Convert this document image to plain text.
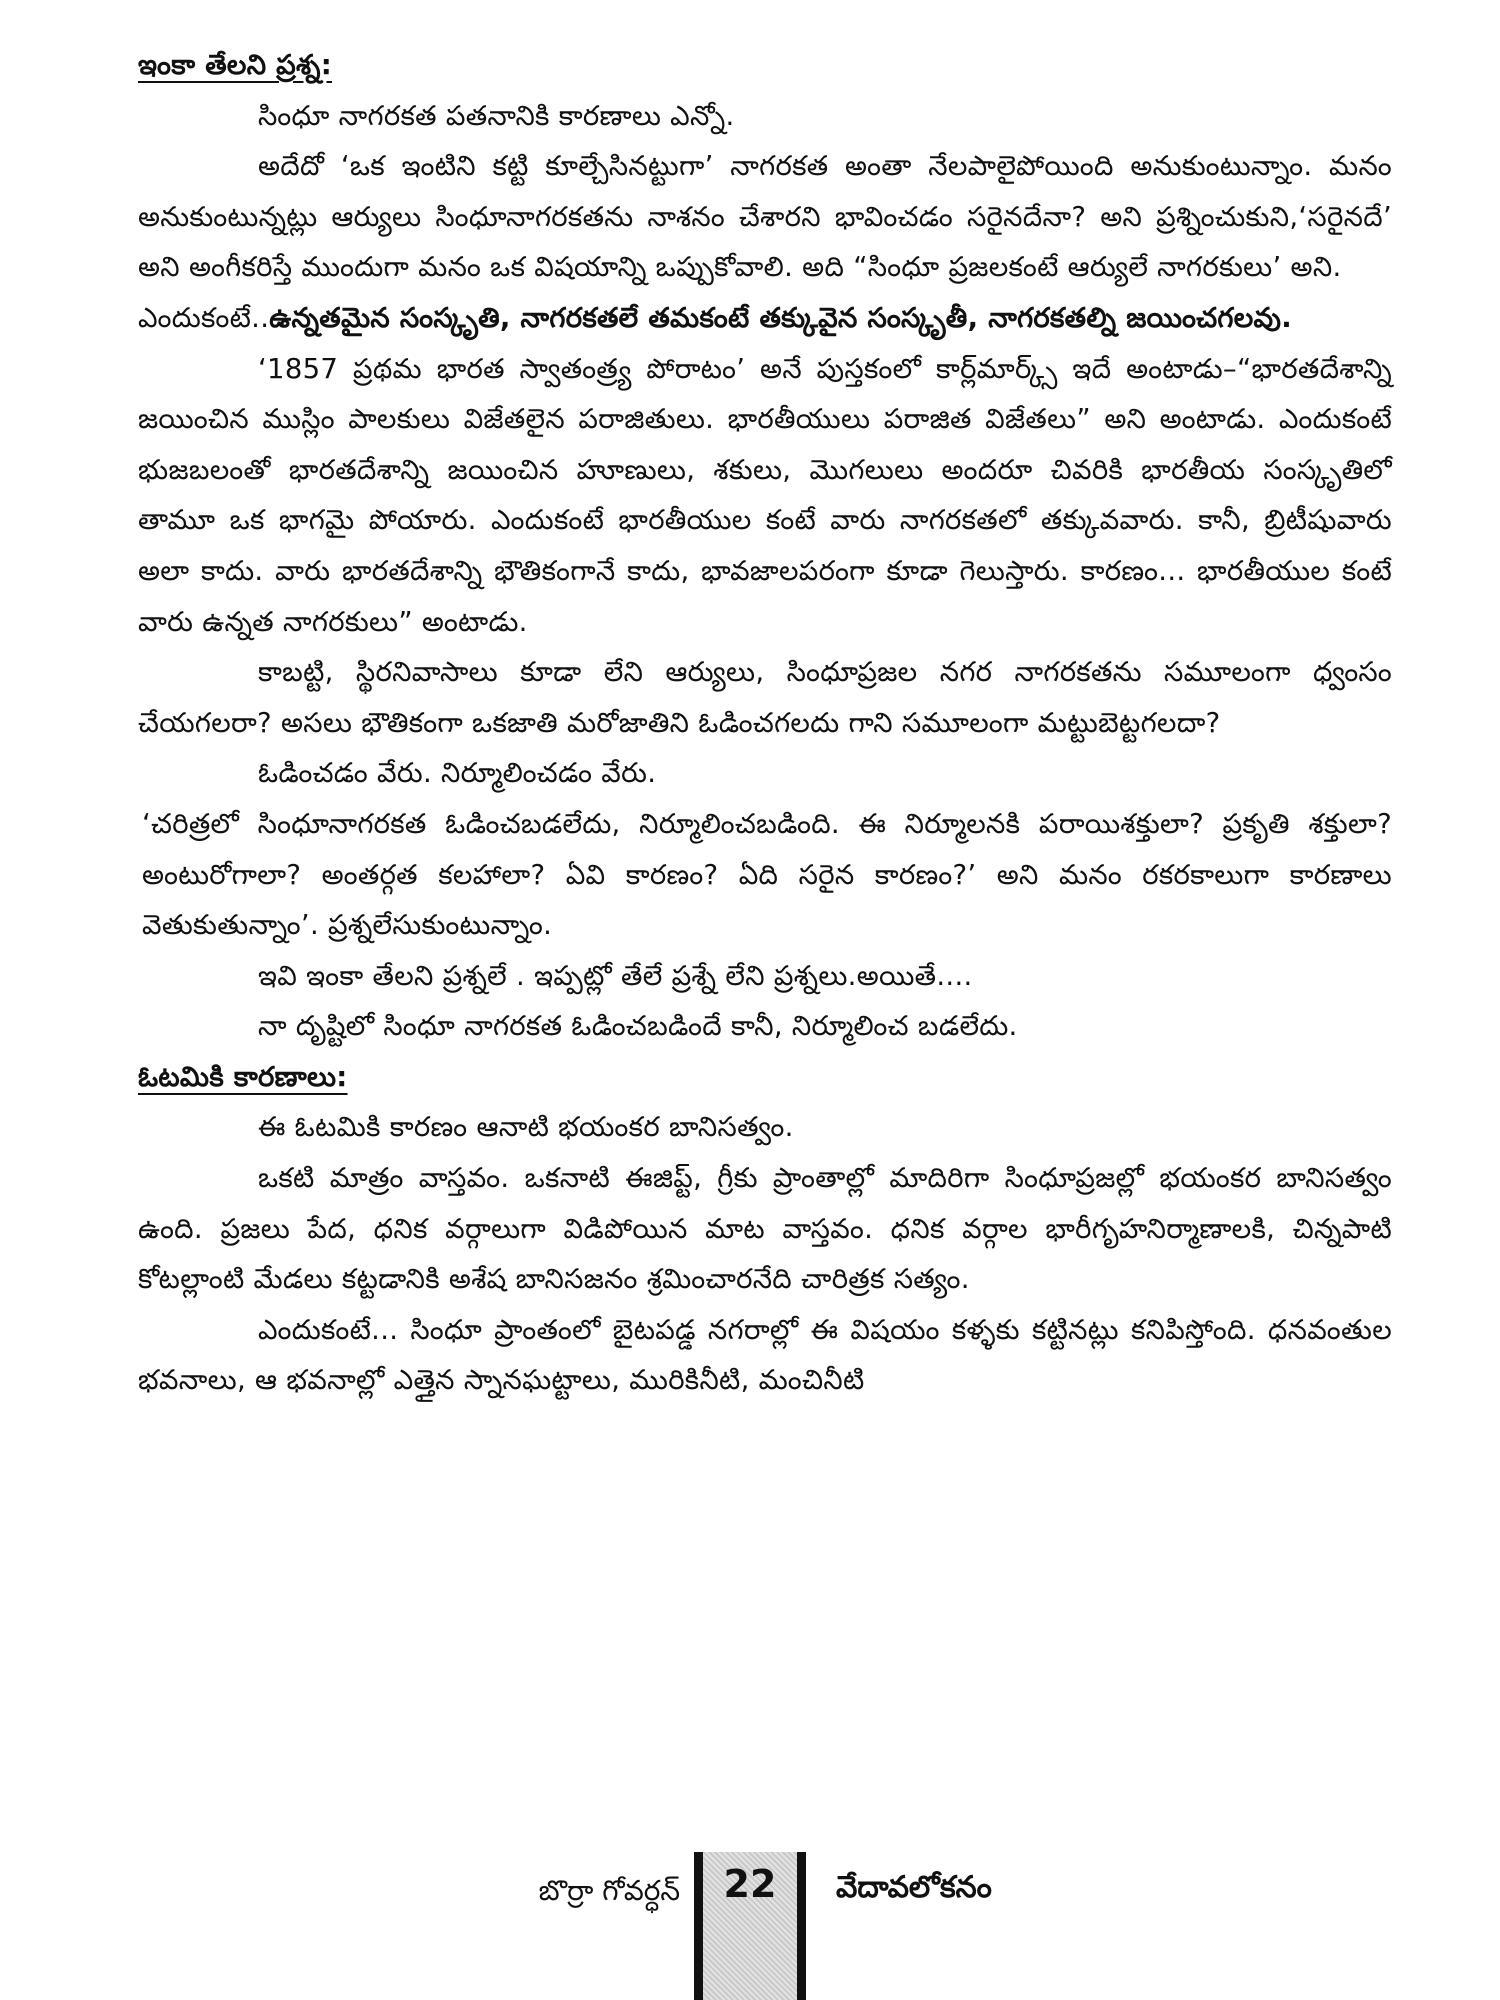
ఇంకా తేలని ప్రశ్న:

సింధూ నాగరకత పతనానికి కారణాలు ఎన్నో.

అదేదో ‘ఒక ఇంటిని కట్టి కూల్చేసినట్టుగా’ నాగరకత అంతా నేలపాలైపోయింది అనుకుంటున్నాం. మనం అనుకుంటున్నట్లు ఆర్యులు సింధూనాగరకతను నాశనం చేశారని భావించడం సరైనదేనా? అని ప్రశ్నించుకుని,‘సరైనదే’ అని అంగీకరిస్తే ముందుగా మనం ఒక విషయాన్ని ఒప్పుకోవాలి. అది “సింధూ ప్రజలకంటే ఆర్యులే నాగరకులు’ అని.

ఎందుకంటే..ఉన్నతమైన సంస్కృతి, నాగరకతలే తమకంటే తక్కువైన సంస్కృతీ, నాగరకతల్ని జయించగలవు.

‘1857 ప్రథమ భారత స్వాతంత్ర్య పోరాటం’ అనే పుస్తకంలో కార్ల్‌మార్క్స్ ఇదే అంటాడు–“భారతదేశాన్ని జయించిన ముస్లిం పాలకులు విజేతలైన పరాజితులు. భారతీయులు పరాజిత విజేతలు” అని అంటాడు. ఎందుకంటే భుజబలంతో భారతదేశాన్ని జయించిన హూణులు, శకులు, మొగలులు అందరూ చివరికి భారతీయ సంస్కృతిలో తామూ ఒక భాగమై పోయారు. ఎందుకంటే భారతీయుల కంటే వారు నాగరకతలో తక్కువవారు. కానీ, బ్రిటీషువారు అలా కాదు. వారు భారతదేశాన్ని భౌతికంగానే కాదు, భావజాలపరంగా కూడా గెలుస్తారు. కారణం... భారతీయుల కంటే వారు ఉన్నత నాగరకులు” అంటాడు.

కాబట్టి, స్థిరనివాసాలు కూడా లేని ఆర్యులు, సింధూప్రజల నగర నాగరకతను సమూలంగా ధ్వంసం చేయగలరా? అసలు భౌతికంగా ఒకజాతి మరోజాతిని ఓడించగలదు గాని సమూలంగా మట్టుబెట్టగలదా?

ఓడించడం వేరు. నిర్మూలించడం వేరు.

‘చరిత్రలో సింధూనాగరకత ఓడించబడలేదు, నిర్మూలించబడింది. ఈ నిర్మూలనకి పరాయిశక్తులా? ప్రకృతి శక్తులా? అంటురోగాలా? అంతర్గత కలహాలా? ఏవి కారణం? ఏది సరైన కారణం?’ అని మనం రకరకాలుగా కారణాలు వెతుకుతున్నాం’. ప్రశ్నలేసుకుంటున్నాం.

ఇవి ఇంకా తేలని ప్రశ్నలే . ఇప్పట్లో తేలే ప్రశ్నే లేని ప్రశ్నలు.అయితే....

నా దృష్టిలో సింధూ నాగరకత ఓడించబడిందే కానీ, నిర్మూలించ బడలేదు.

ఓటమికి కారణాలు:

ఈ ఓటమికి కారణం ఆనాటి భయంకర బానిసత్వం.

ఒకటి మాత్రం వాస్తవం. ఒకనాటి ఈజిప్ట్, గ్రీకు ప్రాంతాల్లో మాదిరిగా సింధూప్రజల్లో భయంకర బానిసత్వం ఉంది. ప్రజలు పేద, ధనిక వర్గాలుగా విడిపోయిన మాట వాస్తవం. ధనిక వర్గాల భారీగృహనిర్మాణాలకి, చిన్నపాటి కోటల్లాంటి మేడలు కట్టడానికి అశేష బానిసజనం శ్రమించారనేది చారిత్రక సత్యం.

ఎందుకంటే... సింధూ ప్రాంతంలో బైటపడ్డ నగరాల్లో ఈ విషయం కళ్ళకు కట్టినట్లు కనిపిస్తోంది. ధనవంతుల భవనాలు, ఆ భవనాల్లో ఎత్తైన స్నానఘట్టాలు, మురికినీటి, మంచినీటి

బొర్రా గోవర్ధన్	22	వేదావలోకనం
